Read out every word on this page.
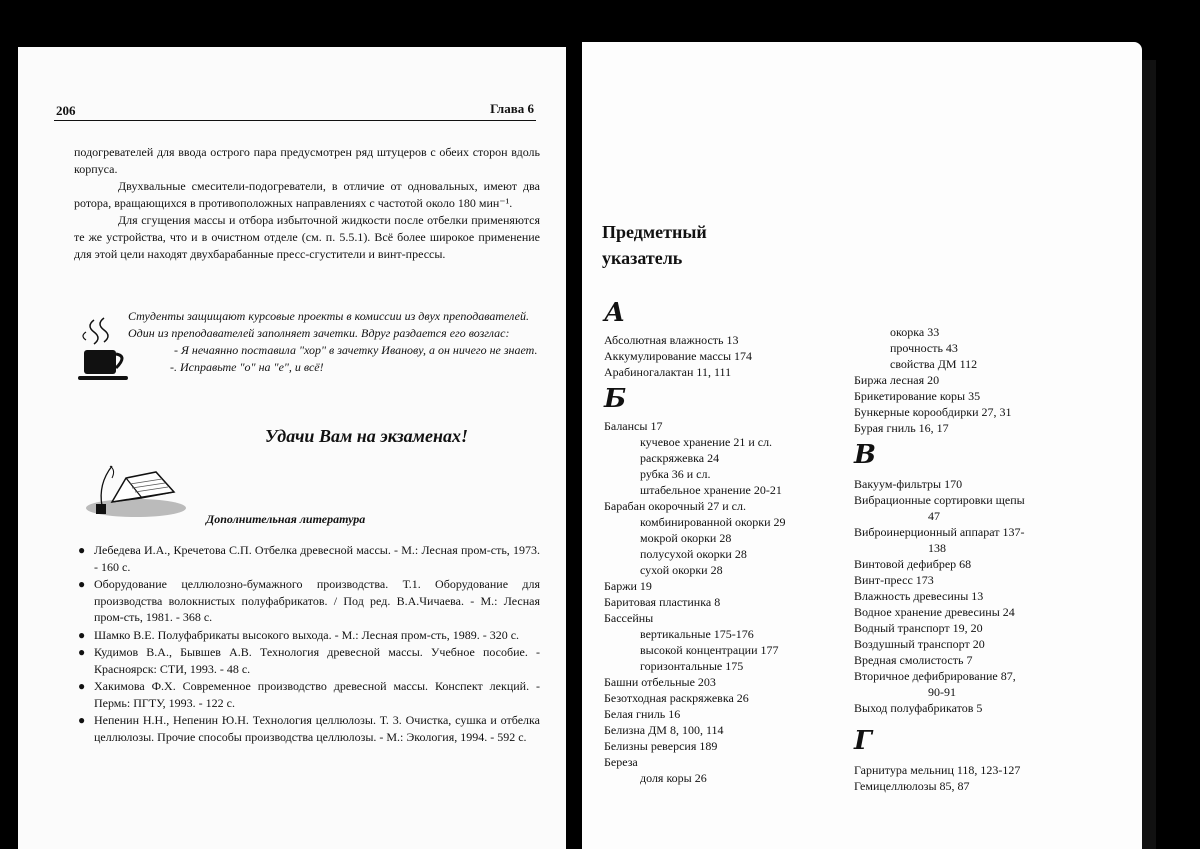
206	Глава 6

подогревателей для ввода острого пара предусмотрен ряд штуцеров с обеих сторон вдоль корпуса.

Двухвальные смесители-подогреватели, в отличие от одновальных, имеют два ротора, вращающихся в противоположных направлениях с частотой около 180 мин⁻¹.

Для сгущения массы и отбора избыточной жидкости после отбелки применяются те же устройства, что и в очистном отделе (см. п. 5.5.1). Всё более широкое применение для этой цели находят двухбарабанные пресс-сгустители и винт-прессы.

Студенты защищают курсовые проекты в комиссии из двух преподавателей. Один из преподавателей заполняет зачетки. Вдруг раздается его возглас:

- Я нечаянно поставила "хор" в зачетку Иванову, а он ничего не знает.

-. Исправьте "о" на "е", и всё!

Удачи Вам на экзаменах!
Дополнительная литература
● Лебедева И.А., Кречетова С.П. Отбелка древесной массы. - М.: Лесная пром-сть, 1973. - 160 с.
● Оборудование целлюлозно-бумажного производства. Т.1. Оборудование для производства волокнистых полуфабрикатов. / Под ред. В.А.Чичаева. - М.: Лесная пром-сть, 1981. - 368 с.
● Шамко В.Е. Полуфабрикаты высокого выхода. - М.: Лесная пром-сть, 1989. - 320 с.
● Кудимов В.А., Бывшев А.В. Технология древесной массы. Учебное пособие. - Красноярск: СТИ, 1993. - 48 с.
● Хакимова Ф.Х. Современное производство древесной массы. Конспект лекций. - Пермь: ПГТУ, 1993. - 122 с.
● Непенин Н.Н., Непенин Ю.Н. Технология целлюлозы. Т. 3. Очистка, сушка и отбелка целлюлозы. Прочие способы производства целлюлозы. - М.: Экология, 1994. - 592 с.
Предметный
указатель
А
Абсолютная влажность 13
Аккумулирование массы 174
Арабиногалактан 11, 111
Б
Балансы 17
кучевое хранение 21 и сл.
раскряжевка 24
рубка 36 и сл.
штабельное хранение 20-21
Барабан окорочный 27 и сл.
комбинированной окорки 29
мокрой окорки 28
полусухой окорки 28
сухой окорки 28
Баржи 19
Баритовая пластинка 8
Бассейны
вертикальные 175-176
высокой концентрации 177
горизонтальные 175
Башни отбельные 203
Безотходная раскряжевка 26
Белая гниль 16
Белизна ДМ 8, 100, 114
Белизны реверсия 189
Береза
доля коры 26
окорка 33
прочность 43
свойства ДМ 112
Биржа лесная 20
Брикетирование коры 35
Бункерные корообдирки 27, 31
Бурая гниль 16, 17
В
Вакуум-фильтры 170
Вибрационные сортировки щепы
47
Виброинерционный аппарат 137-
138
Винтовой дефибрер 68
Винт-пресс 173
Влажность древесины 13
Водное хранение древесины 24
Водный транспорт 19, 20
Воздушный транспорт 20
Вредная смолистость 7
Вторичное дефибрирование 87,
90-91
Выход полуфабрикатов 5
Г
Гарнитура мельниц 118, 123-127
Гемицеллюлозы 85, 87
